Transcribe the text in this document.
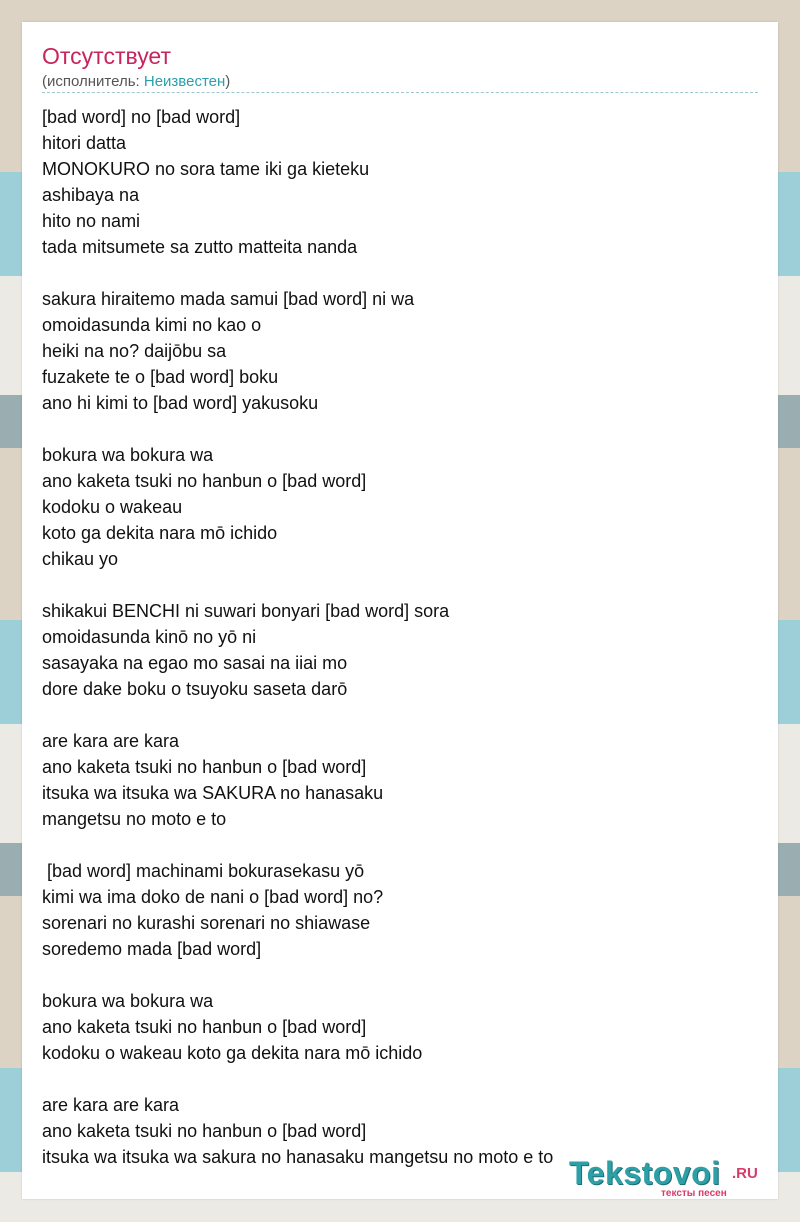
Отсутствует
(исполнитель: Неизвестен)
[bad word] no [bad word]
hitori datta
MONOKURO no sora tame iki ga kieteku
ashibaya na
hito no nami
tada mitsumete sa zutto matteita nanda
sakura hiraitemo mada samui [bad word] ni wa
omoidasunda kimi no kao o
heiki na no? daijōbu sa
fuzakete te o [bad word] boku
ano hi kimi to [bad word] yakusoku
bokura wa bokura wa
ano kaketa tsuki no hanbun o [bad word]
kodoku o wakeau
koto ga dekita nara mō ichido
chikau yo
shikakui BENCHI ni suwari bonyari [bad word] sora
omoidasunda kinō no yō ni
sasayaka na egao mo sasai na iiai mo
dore dake boku o tsuyoku saseta darō
are kara are kara
ano kaketa tsuki no hanbun o [bad word]
itsuka wa itsuka wa SAKURA no hanasaku
mangetsu no moto e to
[bad word] machinami bokurasekasu yō
kimi wa ima doko de nani o [bad word] no?
sorenari no kurashi sorenari no shiawase
soredemo mada [bad word]
bokura wa bokura wa
ano kaketa tsuki no hanbun o [bad word]
kodoku o wakeau koto ga dekita nara mō ichido
are kara are kara
ano kaketa tsuki no hanbun o [bad word]
itsuka wa itsuka wa sakura no hanasaku mangetsu no moto e to Tekstovoi .RU
тексты песен
